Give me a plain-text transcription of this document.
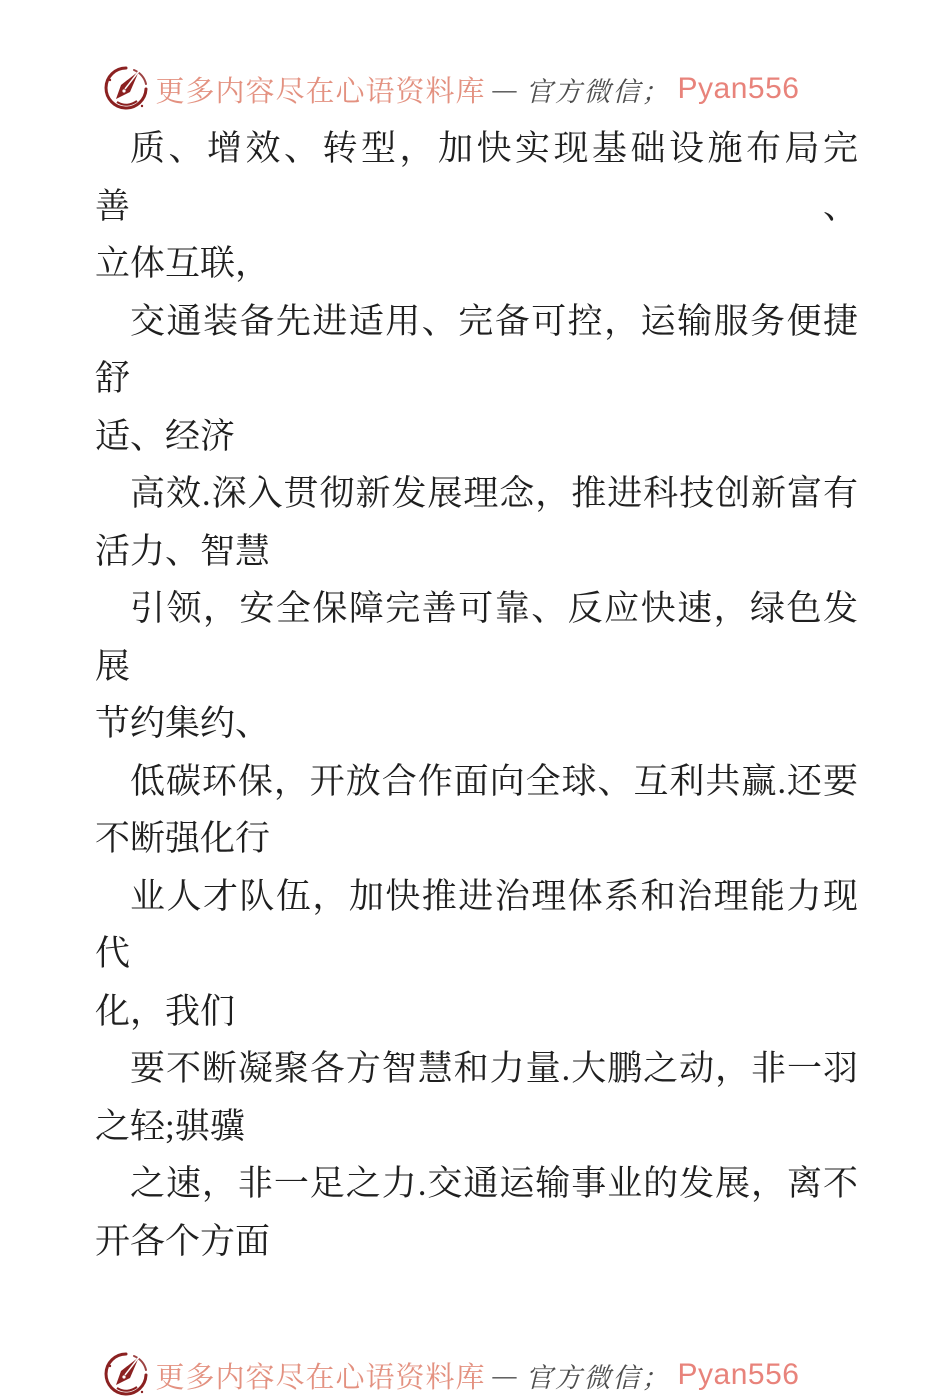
更多内容尽在心语资料库 — 官方微信； Pyan556
质、增效、转型，加快实现基础设施布局完善、
立体互联，
交通装备先进适用、完备可控，运输服务便捷舒
适、经济
高效.深入贯彻新发展理念，推进科技创新富有
活力、智慧
引领，安全保障完善可靠、反应快速，绿色发展
节约集约、
低碳环保，开放合作面向全球、互利共赢.还要
不断强化行
业人才队伍，加快推进治理体系和治理能力现代
化，我们
要不断凝聚各方智慧和力量.大鹏之动，非一羽
之轻;骐骥
之速，非一足之力.交通运输事业的发展，离不
开各个方面
更多内容尽在心语资料库 — 官方微信； Pyan556
